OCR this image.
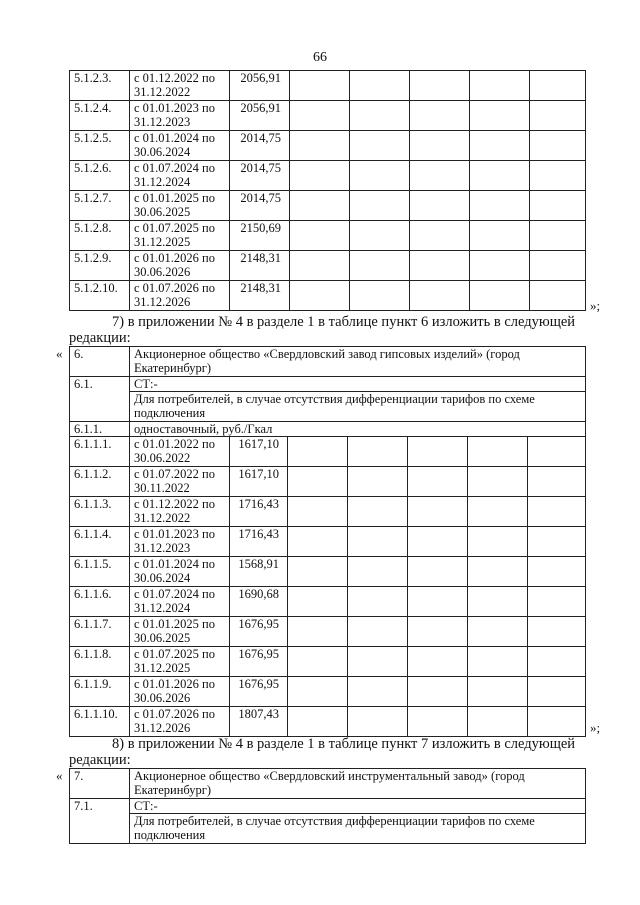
66
5.1.2.3.	с 01.12.2022 по 31.12.2022	2056,91					
5.1.2.4.	с 01.01.2023 по 31.12.2023	2056,91					
5.1.2.5.	с 01.01.2024 по 30.06.2024	2014,75					
5.1.2.6.	с 01.07.2024 по 31.12.2024	2014,75					
5.1.2.7.	с 01.01.2025 по 30.06.2025	2014,75					
5.1.2.8.	с 01.07.2025 по 31.12.2025	2150,69					
5.1.2.9.	с 01.01.2026 по 30.06.2026	2148,31					
5.1.2.10.	с 01.07.2026 по 31.12.2026	2148,31					
»;
7) в приложении № 4 в разделе 1 в таблице пункт 6 изложить в следующей
редакции:
« 6.	Акционерное общество «Свердловский завод гипсовых изделий» (город Екатеринбург)						
6.1.	СТ:-						
	Для потребителей, в случае отсутствия дифференциации тарифов по схеме подключения						
6.1.1.	одноставочный, руб./Гкал						
6.1.1.1.	с 01.01.2022 по 30.06.2022	1617,10					
6.1.1.2.	с 01.07.2022 по 30.11.2022	1617,10					
6.1.1.3.	с 01.12.2022 по 31.12.2022	1716,43					
6.1.1.4.	с 01.01.2023 по 31.12.2023	1716,43					
6.1.1.5.	с 01.01.2024 по 30.06.2024	1568,91					
6.1.1.6.	с 01.07.2024 по 31.12.2024	1690,68					
6.1.1.7.	с 01.01.2025 по 30.06.2025	1676,95					
6.1.1.8.	с 01.07.2025 по 31.12.2025	1676,95					
6.1.1.9.	с 01.01.2026 по 30.06.2026	1676,95					
6.1.1.10.	с 01.07.2026 по 31.12.2026	1807,43					
»;
8) в приложении № 4 в разделе 1 в таблице пункт 7 изложить в следующей
редакции:
« 7.	Акционерное общество «Свердловский инструментальный завод» (город Екатеринбург)
7.1.	СТ:-
	Для потребителей, в случае отсутствия дифференциации тарифов по схеме подключения
